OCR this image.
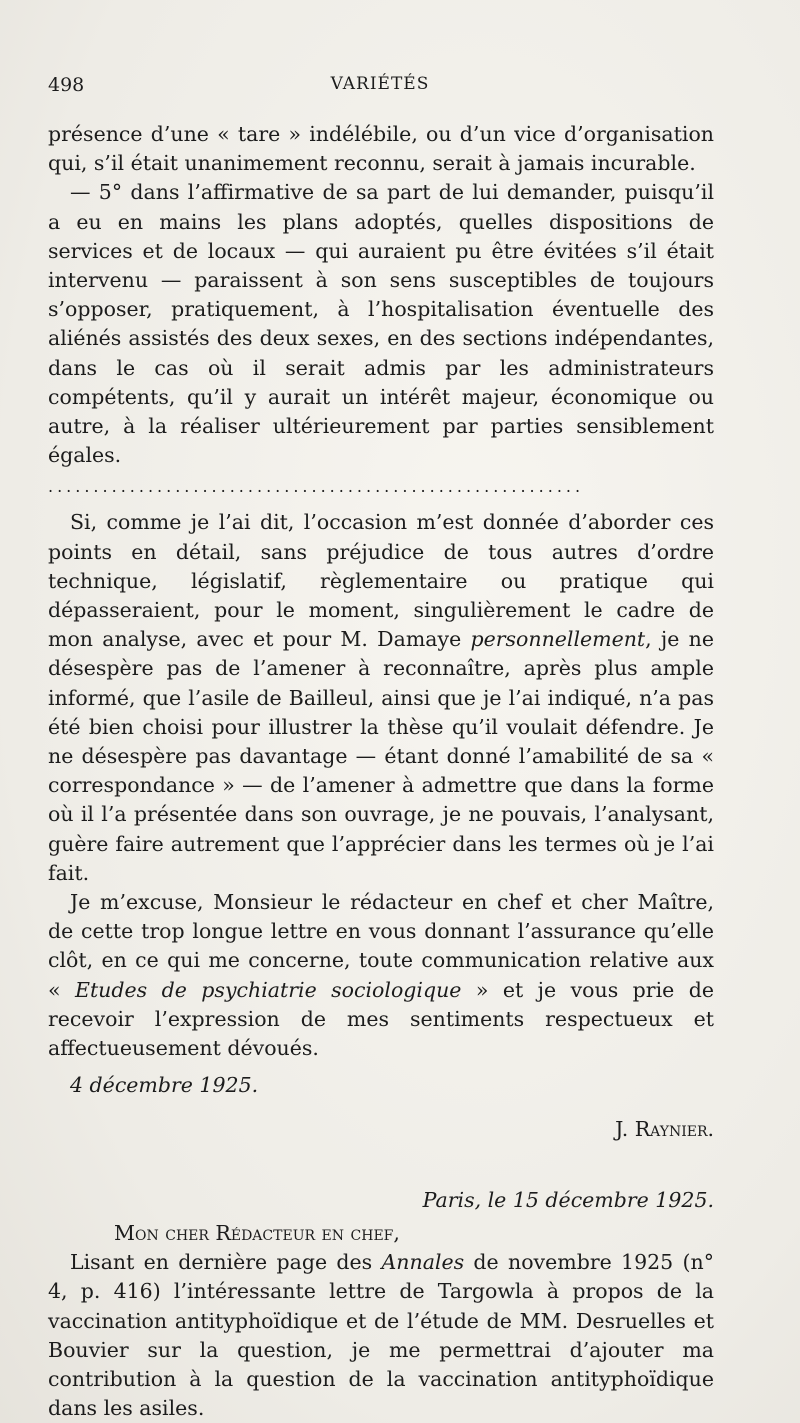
498	VARIÉTÉS

présence d’une « tare » indélébile, ou d’un vice d’organisation qui, s’il était unanimement reconnu, serait à jamais incurable.

— 5° dans l’affirmative de sa part de lui demander, puisqu’il a eu en mains les plans adoptés, quelles dispositions de services et de locaux — qui auraient pu être évitées s’il était intervenu — paraissent à son sens susceptibles de toujours s’opposer, pratiquement, à l’hospitalisation éventuelle des aliénés assistés des deux sexes, en des sections indépendantes, dans le cas où il serait admis par les administrateurs compétents, qu’il y aurait un intérêt majeur, économique ou autre, à la réaliser ultérieurement par parties sensiblement égales.

...........................................................

Si, comme je l’ai dit, l’occasion m’est donnée d’aborder ces points en détail, sans préjudice de tous autres d’ordre technique, législatif, règlementaire ou pratique qui dépasseraient, pour le moment, singulièrement le cadre de mon analyse, avec et pour M. Damaye personnellement, je ne désespère pas de l’amener à reconnaître, après plus ample informé, que l’asile de Bailleul, ainsi que je l’ai indiqué, n’a pas été bien choisi pour illustrer la thèse qu’il voulait défendre. Je ne désespère pas davantage — étant donné l’amabilité de sa « correspondance » — de l’amener à admettre que dans la forme où il l’a présentée dans son ouvrage, je ne pouvais, l’analysant, guère faire autrement que l’apprécier dans les termes où je l’ai fait.

Je m’excuse, Monsieur le rédacteur en chef et cher Maître, de cette trop longue lettre en vous donnant l’assurance qu’elle clôt, en ce qui me concerne, toute communication relative aux « Etudes de psychiatrie sociologique » et je vous prie de recevoir l’expression de mes sentiments respectueux et affectueusement dévoués.

4 décembre 1925.

J. Raynier.

Paris, le 15 décembre 1925.

Mon cher Rédacteur en chef,

Lisant en dernière page des Annales de novembre 1925 (n° 4, p. 416) l’intéressante lettre de Targowla à propos de la vaccination antityphoïdique et de l’étude de MM. Desruelles et Bouvier sur la question, je me permettrai d’ajouter ma contribution à la question de la vaccination antityphoïdique dans les asiles.
